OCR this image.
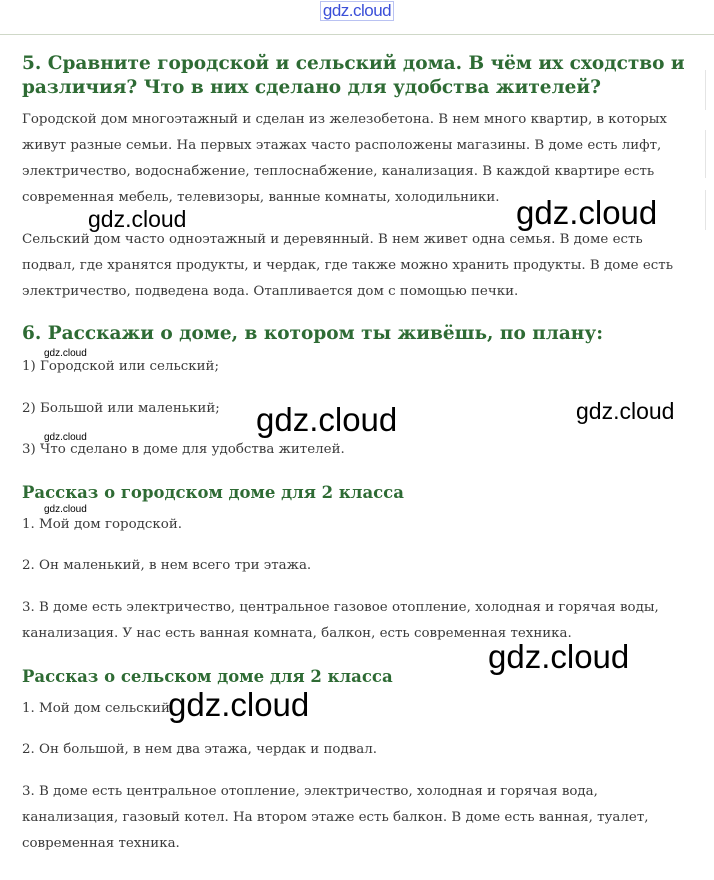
gdz.cloud
5. Сравните городской и сельский дома. В чём их сходство и
различия? Что в них сделано для удобства жителей?

Городской дом многоэтажный и сделан из железобетона. В нем много квартир, в которых

живут разные семьи. На первых этажах часто расположены магазины. В доме есть лифт,

электричество, водоснабжение, теплоснабжение, канализация. В каждой квартире есть

современная мебель, телевизоры, ванные комнаты, холодильники.

Сельский дом часто одноэтажный и деревянный. В нем живет одна семья. В доме есть

подвал, где хранятся продукты, и чердак, где также можно хранить продукты. В доме есть

электричество, подведена вода. Отапливается дом с помощью печки.

6. Расскажи о доме, в котором ты живёшь, по плану:

1) Городской или сельский;

2) Большой или маленький;

3) Что сделано в доме для удобства жителей.

Рассказ о городском доме для 2 класса

1. Мой дом городской.

2. Он маленький, в нем всего три этажа.

3. В доме есть электричество, центральное газовое отопление, холодная и горячая воды,

канализация. У нас есть ванная комната, балкон, есть современная техника.

Рассказ о сельском доме для 2 класса

1. Мой дом сельский.

2. Он большой, в нем два этажа, чердак и подвал.

3. В доме есть центральное отопление, электричество, холодная и горячая вода,

канализация, газовый котел. На втором этаже есть балкон. В доме есть ванная, туалет,

современная техника.

gdz.cloud	gdz.cloud
gdz.cloud
gdz.cloud	gdz.cloud
gdz.cloud
gdz.cloud
gdz.cloud
gdz.cloud
